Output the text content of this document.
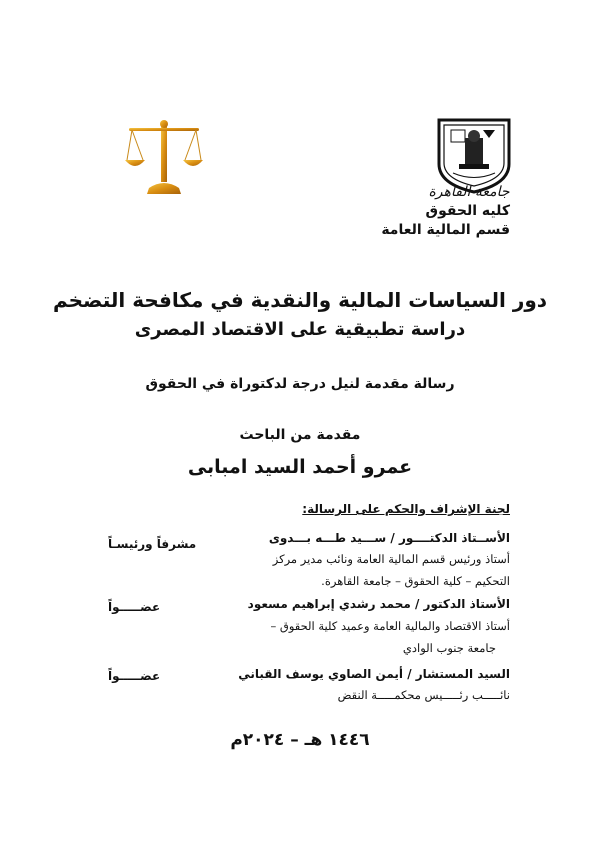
جامعة القاهرة
كليه الحقوق
قسم المالية العامة
دور السياسات المالية والنقدية في مكافحة التضخم
دراسة تطبيقية على الاقتصاد المصرى
رسالة مقدمة لنيل درجة لدكتوراة في الحقوق
مقدمة من الباحث
عمرو أحمد السيد امبابى
لجنة الإشراف والحكم على الرسالة:
الأســتاذ الدكتــــور / ســـيد طـــه بـــدوى
أستاذ ورئيس قسم المالية العامة ونائب مدير مركز
التحكيم – كلية الحقوق – جامعة القاهرة.
مشرفاً ورئيسـاً
الأستاذ الدكتور / محمد رشدي إبراهيم مسعود
أستاذ الاقتصاد والمالية العامة وعميد كلية الحقوق –
جامعة جنوب الوادي
عضـــــواً
السيد المستشار / أيمن الصاوي يوسف القباني
نائـــــب رئـــــيس محكمـــــة النقض
عضـــــواً
١٤٤٦ هـ – ٢٠٢٤م
